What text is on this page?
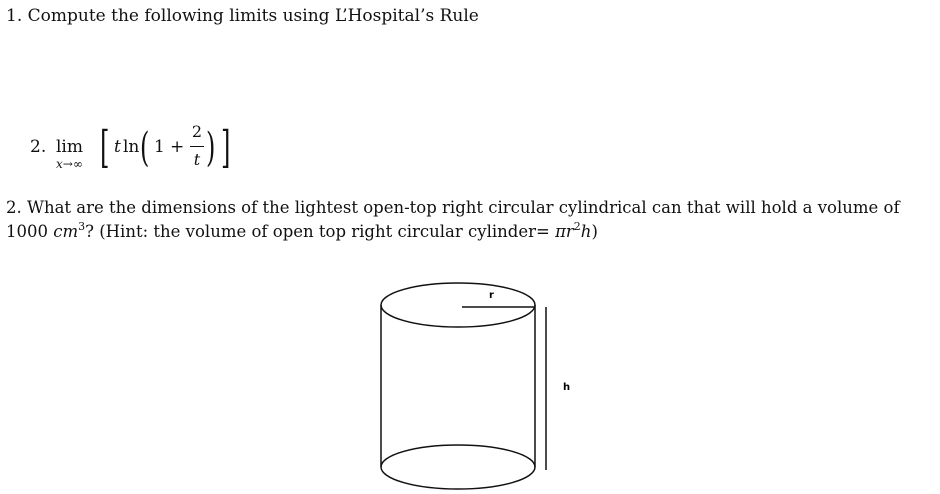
1. Compute the following limits using L’Hospital’s Rule
2. lim
x→∞ [ t ln ( 1 +
2
t ) ]
2. What are the dimensions of the lightest open-top right circular cylindrical can that will hold a volume of
1000 $cm^3$? (Hint: the volume of open top right circular cylinder= $\pi r^2h$)
r
h
